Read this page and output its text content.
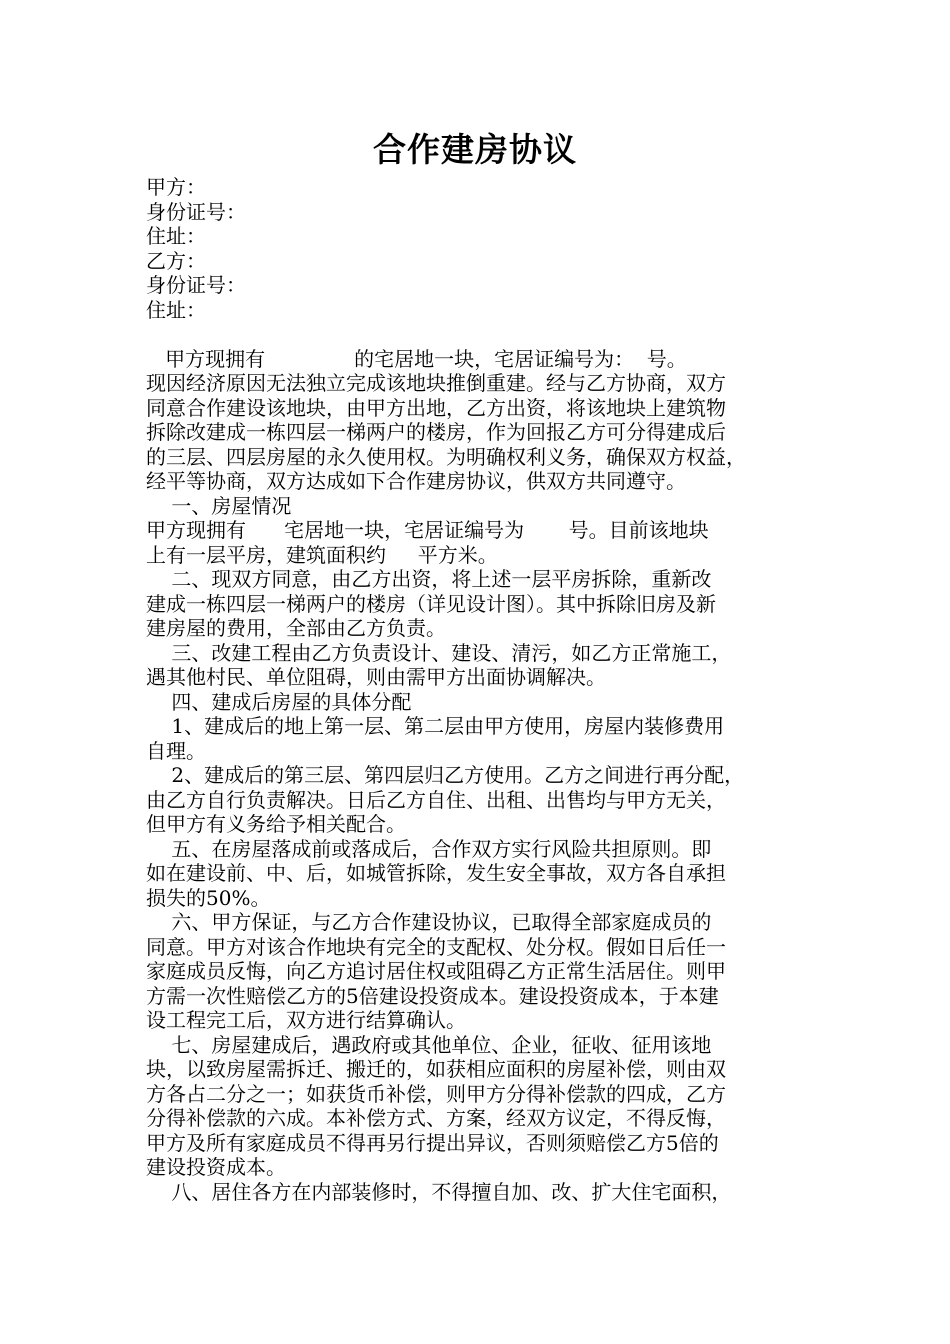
合作建房协议
甲方：
身份证号：
住址：
乙方：
身份证号：
住址：
甲方现拥有              的宅居地一块，宅居证编号为：  号。
现因经济原因无法独立完成该地块推倒重建。经与乙方协商，双方
同意合作建设该地块，由甲方出地，乙方出资，将该地块上建筑物
拆除改建成一栋四层一梯两户的楼房，作为回报乙方可分得建成后
的三层、四层房屋的永久使用权。为明确权利义务，确保双方权益，
经平等协商，双方达成如下合作建房协议，供双方共同遵守。
一、房屋情况
甲方现拥有      宅居地一块，宅居证编号为       号。目前该地块
上有一层平房，建筑面积约     平方米。
二、现双方同意，由乙方出资，将上述一层平房拆除，重新改
建成一栋四层一梯两户的楼房（详见设计图）。其中拆除旧房及新
建房屋的费用，全部由乙方负责。
三、改建工程由乙方负责设计、建设、清污，如乙方正常施工，
遇其他村民、单位阻碍，则由需甲方出面协调解决。
四、建成后房屋的具体分配
1、建成后的地上第一层、第二层由甲方使用，房屋内装修费用
自理。
2、建成后的第三层、第四层归乙方使用。乙方之间进行再分配，
由乙方自行负责解决。日后乙方自住、出租、出售均与甲方无关，
但甲方有义务给予相关配合。
五、在房屋落成前或落成后，合作双方实行风险共担原则。即
如在建设前、中、后，如城管拆除，发生安全事故，双方各自承担
损失的50%。
六、甲方保证，与乙方合作建设协议，已取得全部家庭成员的
同意。甲方对该合作地块有完全的支配权、处分权。假如日后任一
家庭成员反悔，向乙方追讨居住权或阻碍乙方正常生活居住。则甲
方需一次性赔偿乙方的5倍建设投资成本。建设投资成本，于本建
设工程完工后，双方进行结算确认。
七、房屋建成后，遇政府或其他单位、企业，征收、征用该地
块，以致房屋需拆迁、搬迁的，如获相应面积的房屋补偿，则由双
方各占二分之一；如获货币补偿，则甲方分得补偿款的四成，乙方
分得补偿款的六成。本补偿方式、方案，经双方议定，不得反悔，
甲方及所有家庭成员不得再另行提出异议，否则须赔偿乙方5倍的
建设投资成本。
八、居住各方在内部装修时，不得擅自加、改、扩大住宅面积，
